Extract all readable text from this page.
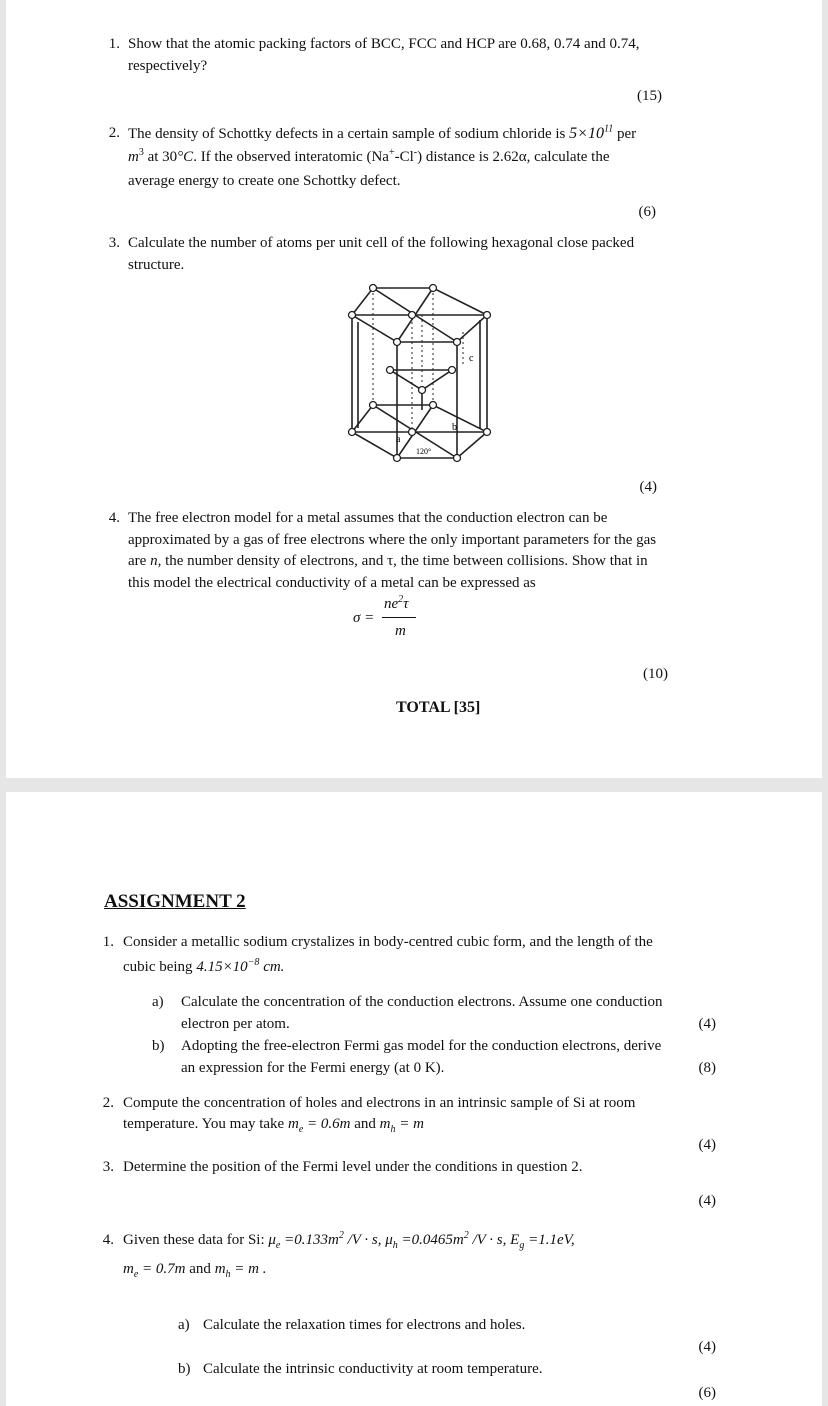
1. Show that the atomic packing factors of BCC, FCC and HCP are 0.68, 0.74 and 0.74,
respectively?
(15)
2. The density of Schottky defects in a certain sample of sodium chloride is $5\times 10^{11}$ per
$m^3$ at 30°C. If the observed interatomic (Na+-Cl-) distance is 2.62α, calculate the
average energy to create one Schottky defect.
(6)
3. Calculate the number of atoms per unit cell of the following hexagonal close packed
structure.
c
a
b
120°
(4)
4. The free electron model for a metal assumes that the conduction electron can be
approximated by a gas of free electrons where the only important parameters for the gas
are n, the number density of electrons, and τ, the time between collisions. Show that in
this model the electrical conductivity of a metal can be expressed as
σ =
$ne^2\tau$
m
(10)
TOTAL [35]
ASSIGNMENT 2
1. Consider a metallic sodium crystalizes in body-centred cubic form, and the length of the
cubic being $4.15\times 10^{-8}$ cm.
a) Calculate the concentration of the conduction electrons. Assume one conduction
electron per atom.	(4)
b) Adopting the free-electron Fermi gas model for the conduction electrons, derive
an expression for the Fermi energy (at 0 K).	(8)
2. Compute the concentration of holes and electrons in an intrinsic sample of Si at room
temperature. You may take $m_e = 0.6m$ and $m_h = m$
(4)
3. Determine the position of the Fermi level under the conditions in question 2.
(4)
4. Given these data for Si: $\mu_e =0.133m^2$ /V · s, $\mu_h =0.0465m^2$ /V · s, $E_g =1.1eV$,
$m_e = 0.7m$ and $m_h = m$ .
a) Calculate the relaxation times for electrons and holes.
(4)
b) Calculate the intrinsic conductivity at room temperature.
(6)
